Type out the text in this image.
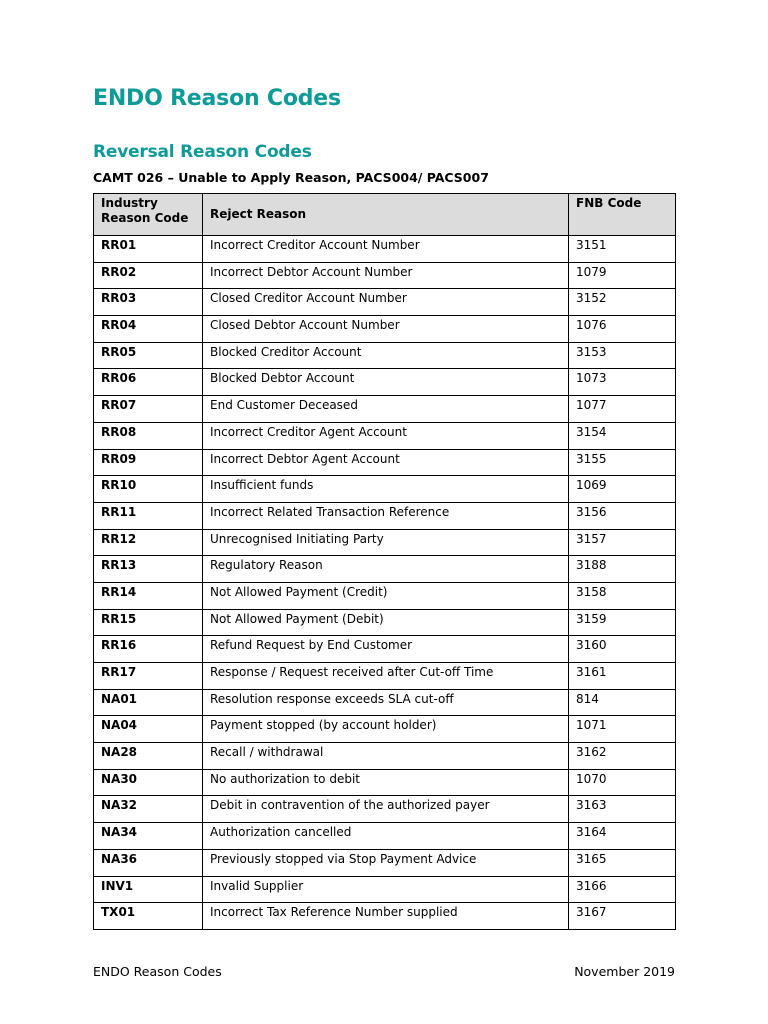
ENDO Reason Codes
Reversal Reason Codes

CAMT 026 – Unable to Apply Reason, PACS004/ PACS007

Industry Reason Code	Reject Reason	FNB Code
RR01	Incorrect Creditor Account Number	3151
RR02	Incorrect Debtor Account Number	1079
RR03	Closed Creditor Account Number	3152
RR04	Closed Debtor Account Number	1076
RR05	Blocked Creditor Account	3153
RR06	Blocked Debtor Account	1073
RR07	End Customer Deceased	1077
RR08	Incorrect Creditor Agent Account	3154
RR09	Incorrect Debtor Agent Account	3155
RR10	Insufficient funds	1069
RR11	Incorrect Related Transaction Reference	3156
RR12	Unrecognised Initiating Party	3157
RR13	Regulatory Reason	3188
RR14	Not Allowed Payment (Credit)	3158
RR15	Not Allowed Payment (Debit)	3159
RR16	Refund Request by End Customer	3160
RR17	Response / Request received after Cut-off Time	3161
NA01	Resolution response exceeds SLA cut-off	814
NA04	Payment stopped (by account holder)	1071
NA28	Recall / withdrawal	3162
NA30	No authorization to debit	1070
NA32	Debit in contravention of the authorized payer	3163
NA34	Authorization cancelled	3164
NA36	Previously stopped via Stop Payment Advice	3165
INV1	Invalid Supplier	3166
TX01	Incorrect Tax Reference Number supplied	3167
ENDO Reason Codes	November 2019
